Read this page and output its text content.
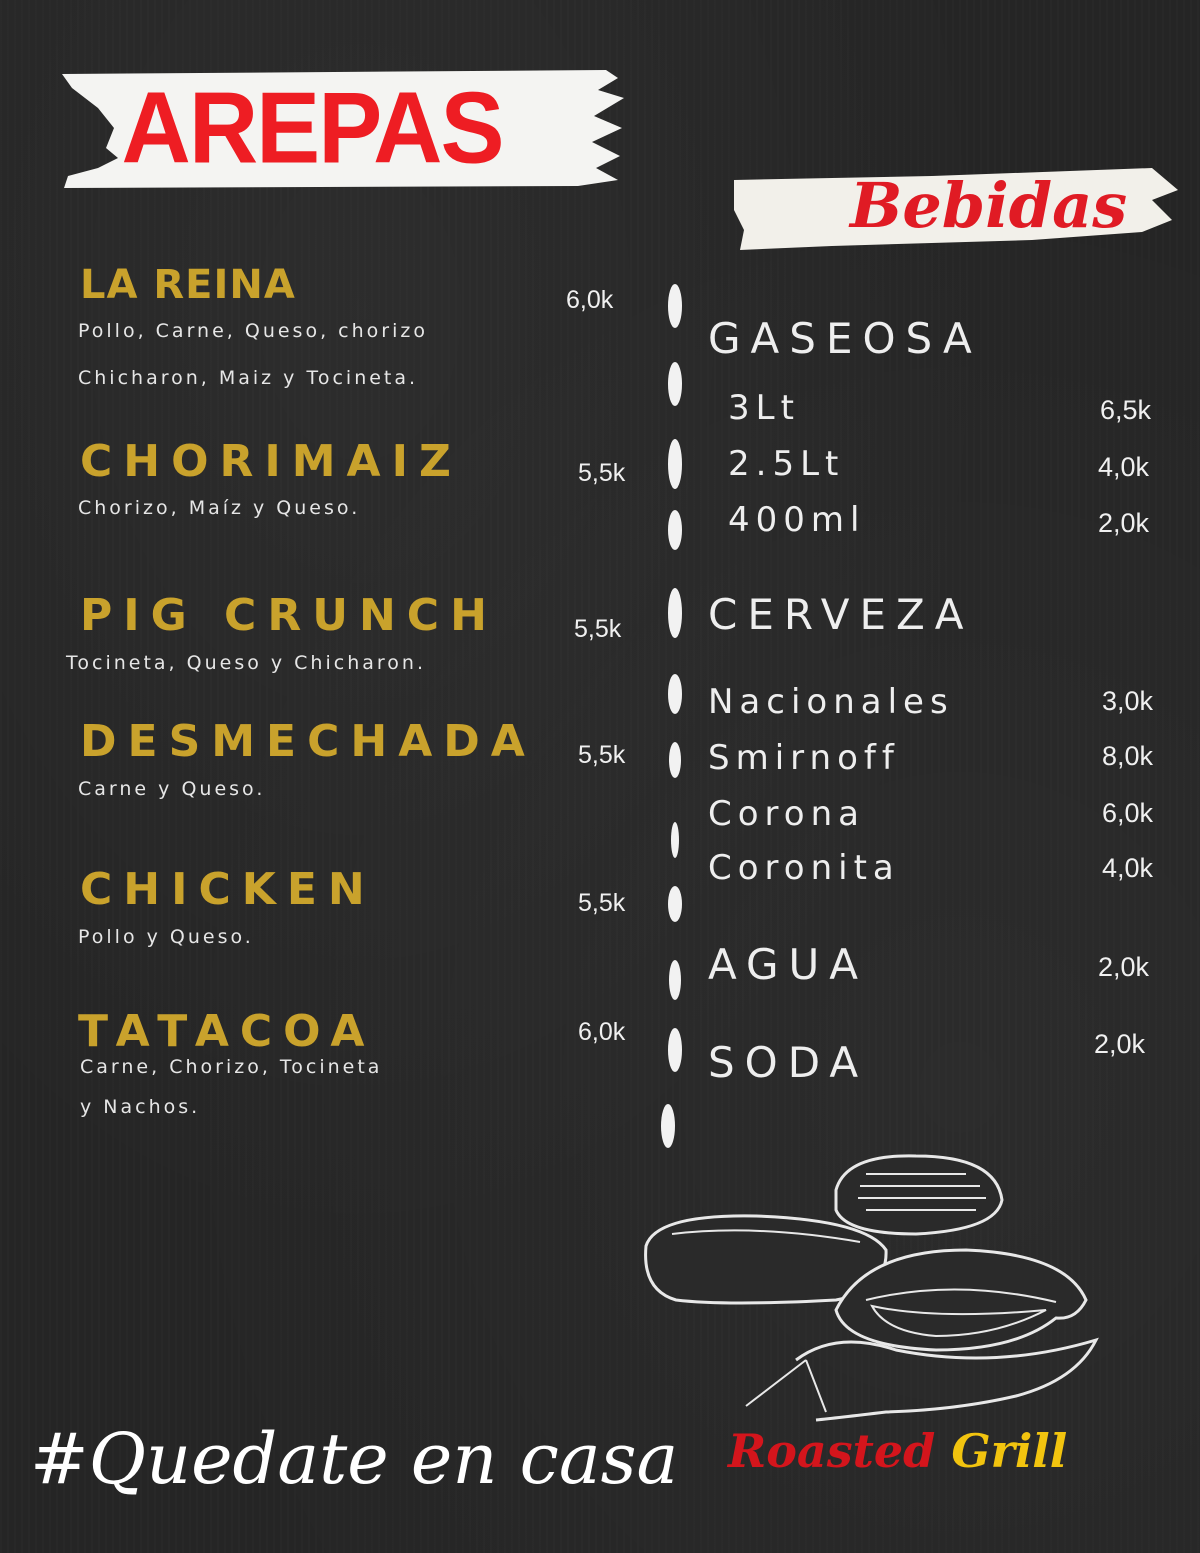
AREPAS
Bebidas
LA REINA
Pollo, Carne, Queso, chorizo
Chicharon, Maiz y Tocineta.
6,0k
CHORIMAIZ
Chorizo, Maíz y Queso.
5,5k
PIG CRUNCH
Tocineta, Queso y Chicharon.
5,5k
DESMECHADA
Carne y Queso.
5,5k
CHICKEN
Pollo y Queso.
5,5k
TATACOA
Carne, Chorizo, Tocineta
y Nachos.
6,0k
GASEOSA
3Lt	6,5k
2.5Lt	4,0k
400ml	2,0k
CERVEZA
Nacionales	3,0k
Smirnoff	8,0k
Corona	6,0k
Coronita	4,0k
AGUA	2,0k
SODA	2,0k
#Quedate en casa Roasted Grill
